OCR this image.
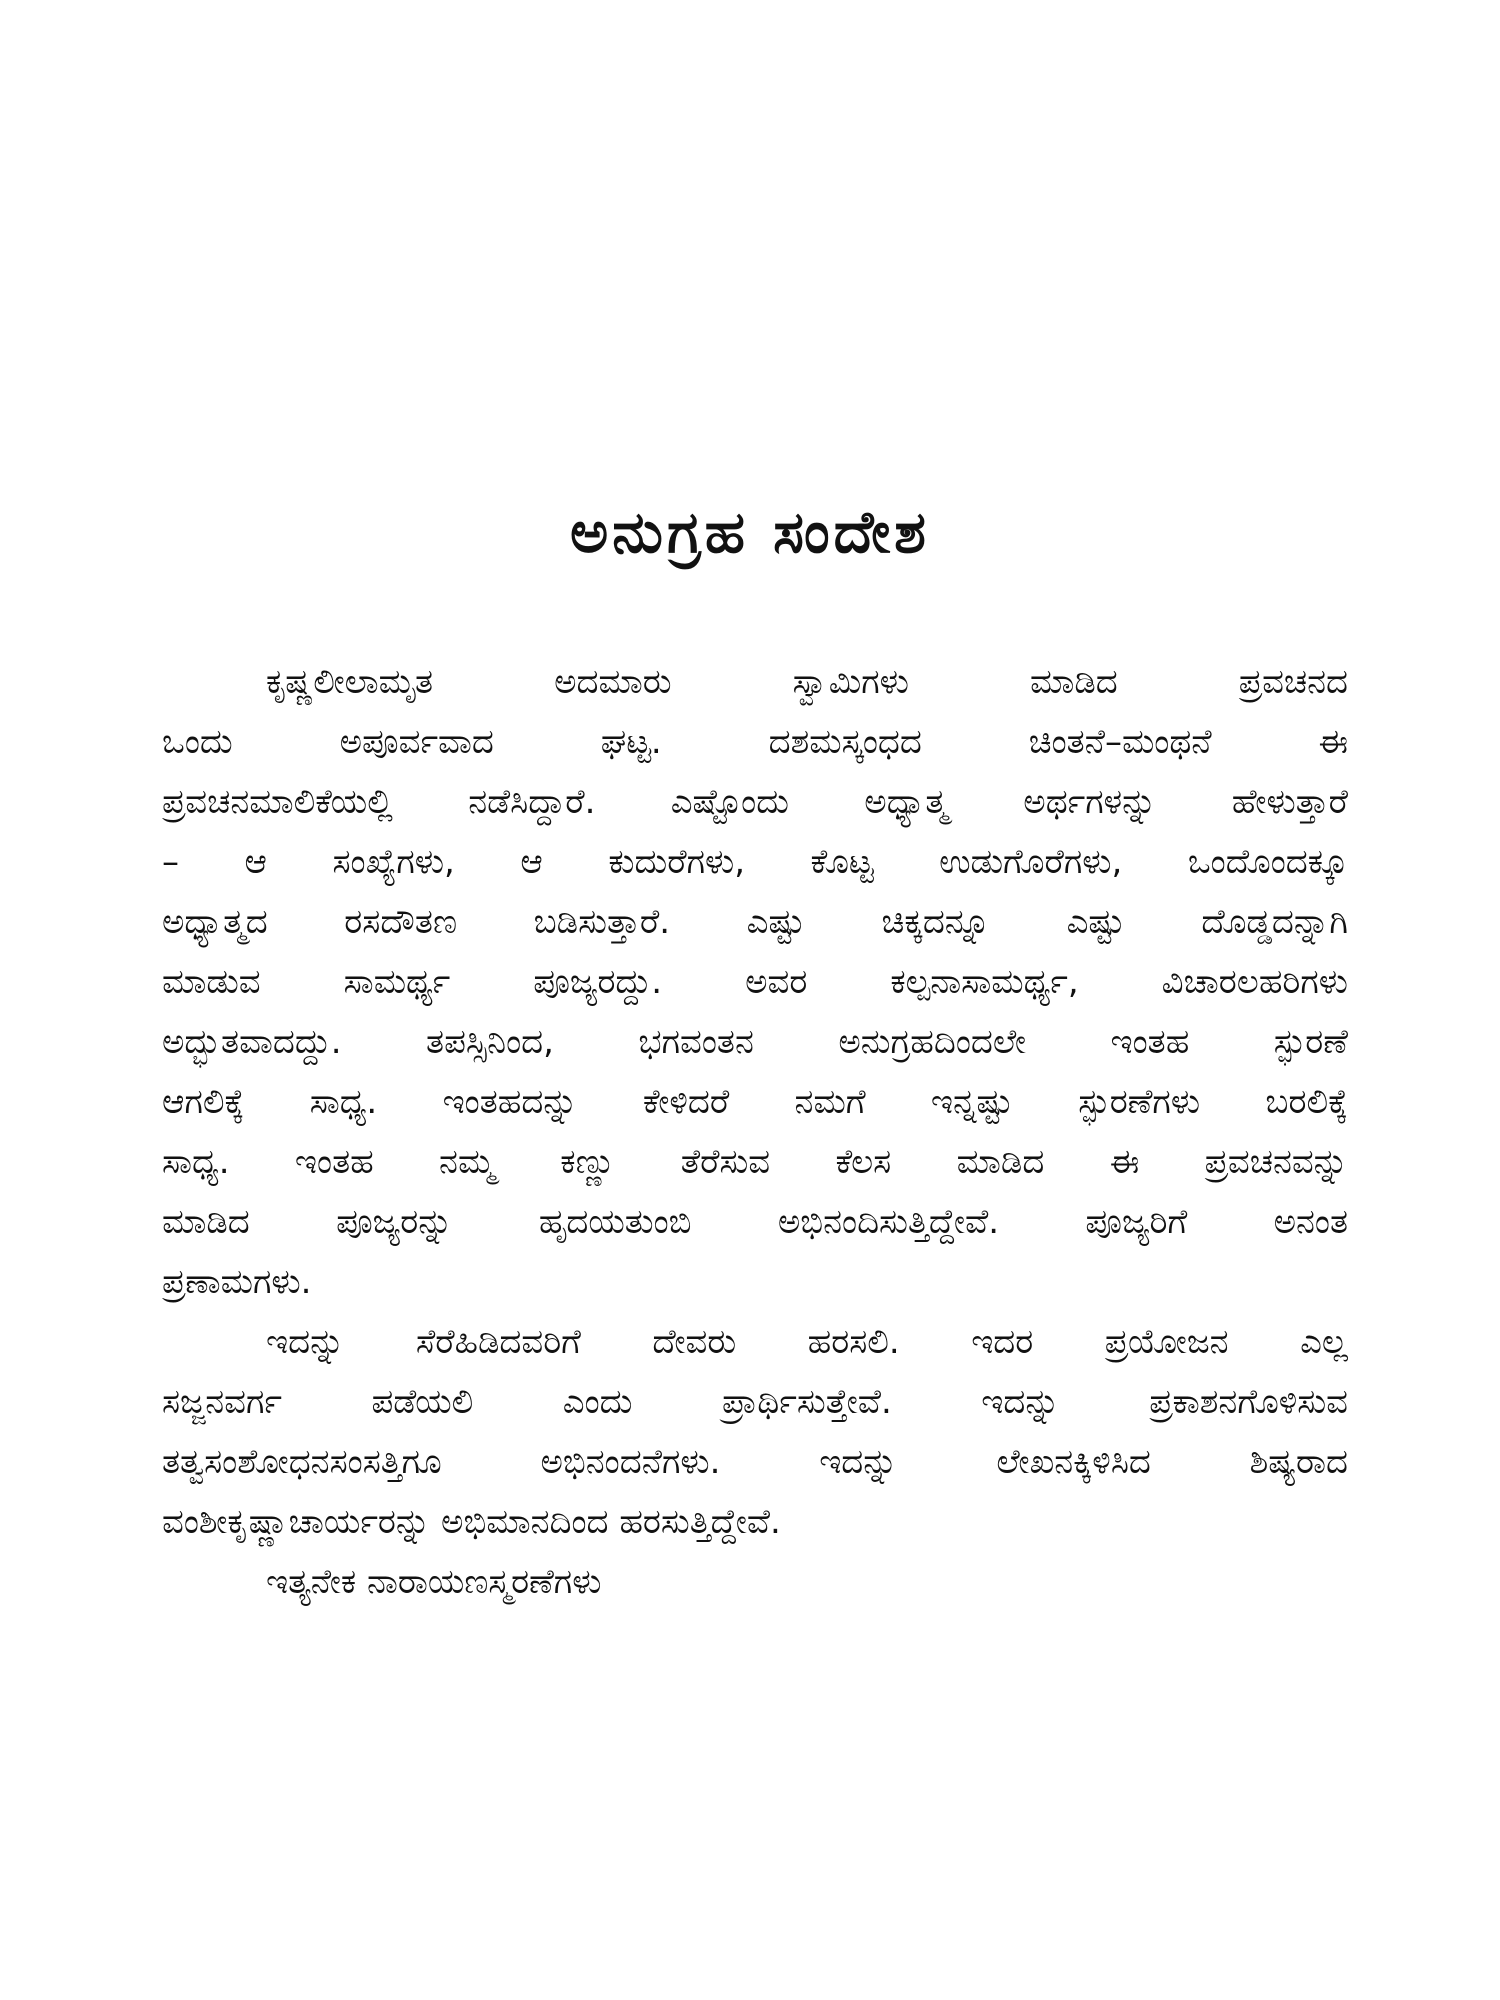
ಅನುಗ್ರಹ ಸಂದೇಶ

ಕೃಷ್ಣಲೀಲಾಮೃತ ಅದಮಾರು ಸ್ವಾಮಿಗಳು ಮಾಡಿದ ಪ್ರವಚನದ

ಒಂದು ಅಪೂರ್ವವಾದ ಘಟ್ಟ. ದಶಮಸ್ಕಂಧದ ಚಿಂತನೆ–ಮಂಥನೆ ಈ

ಪ್ರವಚನಮಾಲಿಕೆಯಲ್ಲಿ ನಡೆಸಿದ್ದಾರೆ. ಎಷ್ಟೊಂದು ಅಧ್ಯಾತ್ಮ ಅರ್ಥಗಳನ್ನು ಹೇಳುತ್ತಾರೆ

– ಆ ಸಂಖ್ಯೆಗಳು, ಆ ಕುದುರೆಗಳು, ಕೊಟ್ಟ ಉಡುಗೊರೆಗಳು, ಒಂದೊಂದಕ್ಕೂ

ಅಧ್ಯಾತ್ಮದ ರಸದೌತಣ ಬಡಿಸುತ್ತಾರೆ. ಎಷ್ಟು ಚಿಕ್ಕದನ್ನೂ ಎಷ್ಟು ದೊಡ್ಡದನ್ನಾಗಿ

ಮಾಡುವ ಸಾಮರ್ಥ್ಯ ಪೂಜ್ಯರದ್ದು. ಅವರ ಕಲ್ಪನಾಸಾಮರ್ಥ್ಯ, ವಿಚಾರಲಹರಿಗಳು

ಅದ್ಭುತವಾದದ್ದು. ತಪಸ್ಸಿನಿಂದ, ಭಗವಂತನ ಅನುಗ್ರಹದಿಂದಲೇ ಇಂತಹ ಸ್ಫುರಣೆ

ಆಗಲಿಕ್ಕೆ ಸಾಧ್ಯ. ಇಂತಹದನ್ನು ಕೇಳಿದರೆ ನಮಗೆ ಇನ್ನಷ್ಟು ಸ್ಫುರಣೆಗಳು ಬರಲಿಕ್ಕೆ

ಸಾಧ್ಯ. ಇಂತಹ ನಮ್ಮ ಕಣ್ಣು ತೆರೆಸುವ ಕೆಲಸ ಮಾಡಿದ ಈ ಪ್ರವಚನವನ್ನು

ಮಾಡಿದ ಪೂಜ್ಯರನ್ನು ಹೃದಯತುಂಬಿ ಅಭಿನಂದಿಸುತ್ತಿದ್ದೇವೆ. ಪೂಜ್ಯರಿಗೆ ಅನಂತ

ಪ್ರಣಾಮಗಳು.

ಇದನ್ನು ಸೆರೆಹಿಡಿದವರಿಗೆ ದೇವರು ಹರಸಲಿ. ಇದರ ಪ್ರಯೋಜನ ಎಲ್ಲ

ಸಜ್ಜನವರ್ಗ ಪಡೆಯಲಿ ಎಂದು ಪ್ರಾರ್ಥಿಸುತ್ತೇವೆ. ಇದನ್ನು ಪ್ರಕಾಶನಗೊಳಿಸುವ

ತತ್ವಸಂಶೋಧನಸಂಸತ್ತಿಗೂ ಅಭಿನಂದನೆಗಳು. ಇದನ್ನು ಲೇಖನಕ್ಕಿಳಿಸಿದ ಶಿಷ್ಯರಾದ

ವಂಶೀಕೃಷ್ಣಾಚಾರ್ಯರನ್ನು ಅಭಿಮಾನದಿಂದ ಹರಸುತ್ತಿದ್ದೇವೆ.

ಇತ್ಯನೇಕ ನಾರಾಯಣಸ್ಮರಣೆಗಳು
